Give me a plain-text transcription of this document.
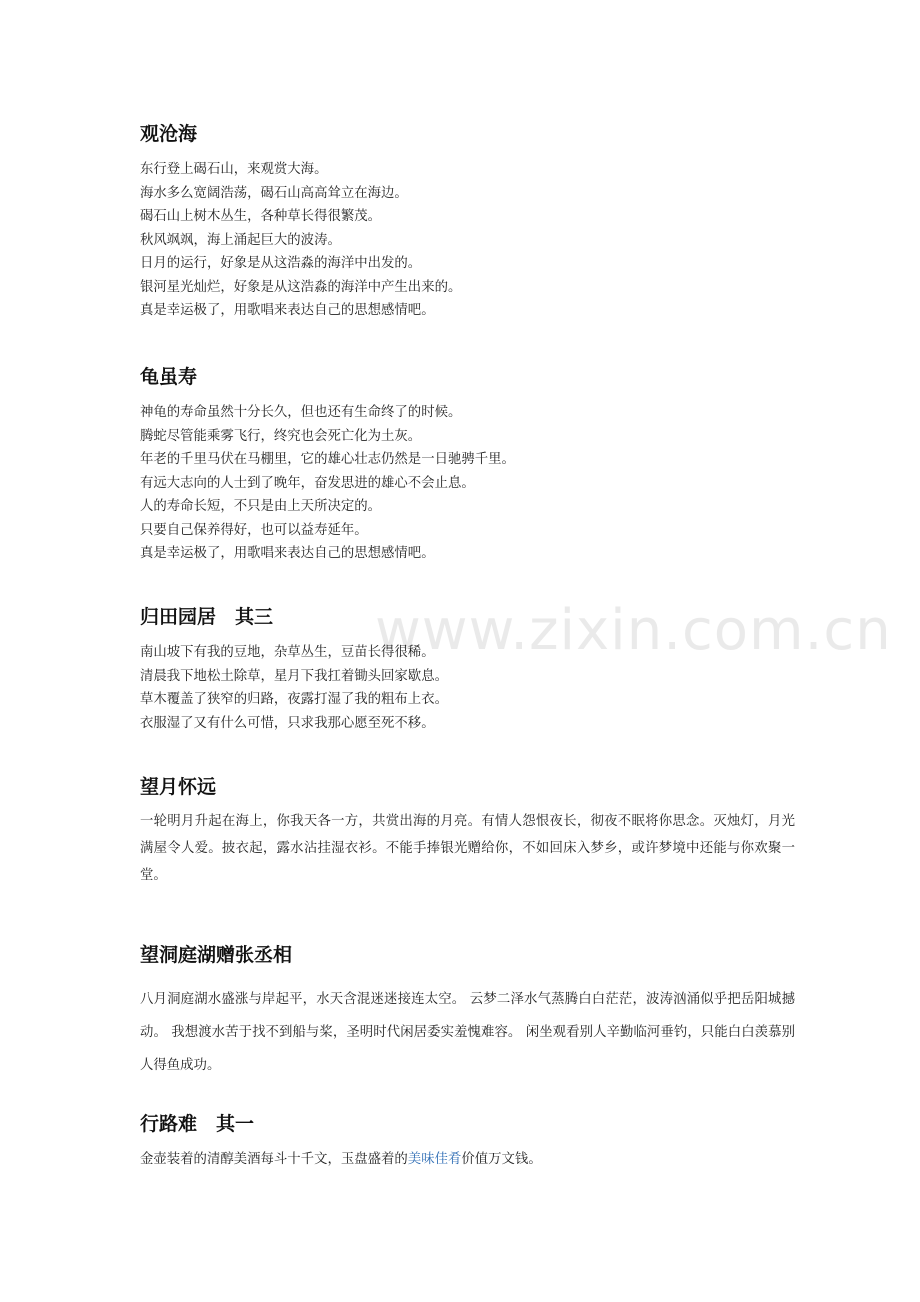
www.zixin.com.cn
观沧海
东行登上碣石山，来观赏大海。
海水多么宽阔浩荡，碣石山高高耸立在海边。
碣石山上树木丛生，各种草长得很繁茂。
秋风飒飒，海上涌起巨大的波涛。
日月的运行，好象是从这浩淼的海洋中出发的。
银河星光灿烂，好象是从这浩淼的海洋中产生出来的。
真是幸运极了，用歌唱来表达自己的思想感情吧。
龟虽寿
神龟的寿命虽然十分长久，但也还有生命终了的时候。
腾蛇尽管能乘雾飞行，终究也会死亡化为土灰。
年老的千里马伏在马棚里，它的雄心壮志仍然是一日驰骋千里。
有远大志向的人士到了晚年，奋发思进的雄心不会止息。
人的寿命长短，不只是由上天所决定的。
只要自己保养得好，也可以益寿延年。
真是幸运极了，用歌唱来表达自己的思想感情吧。
归田园居　其三
南山坡下有我的豆地，杂草丛生，豆苗长得很稀。
清晨我下地松土除草，星月下我扛着锄头回家歇息。
草木覆盖了狭窄的归路，夜露打湿了我的粗布上衣。
衣服湿了又有什么可惜，只求我那心愿至死不移。
望月怀远

一轮明月升起在海上，你我天各一方，共赏出海的月亮。有情人怨恨夜长，彻夜不眠将你思念。灭烛灯，月光满屋令人爱。披衣起，露水沾挂湿衣衫。不能手捧银光赠给你，不如回床入梦乡，或许梦境中还能与你欢聚一堂。

望洞庭湖赠张丞相

八月洞庭湖水盛涨与岸起平，水天含混迷迷接连太空。 云梦二泽水气蒸腾白白茫茫，波涛汹涌似乎把岳阳城撼动。 我想渡水苦于找不到船与桨，圣明时代闲居委实羞愧难容。 闲坐观看别人辛勤临河垂钓，只能白白羡慕别人得鱼成功。

行路难　其一

金壶装着的清醇美酒每斗十千文，玉盘盛着的美味佳肴价值万文钱。
